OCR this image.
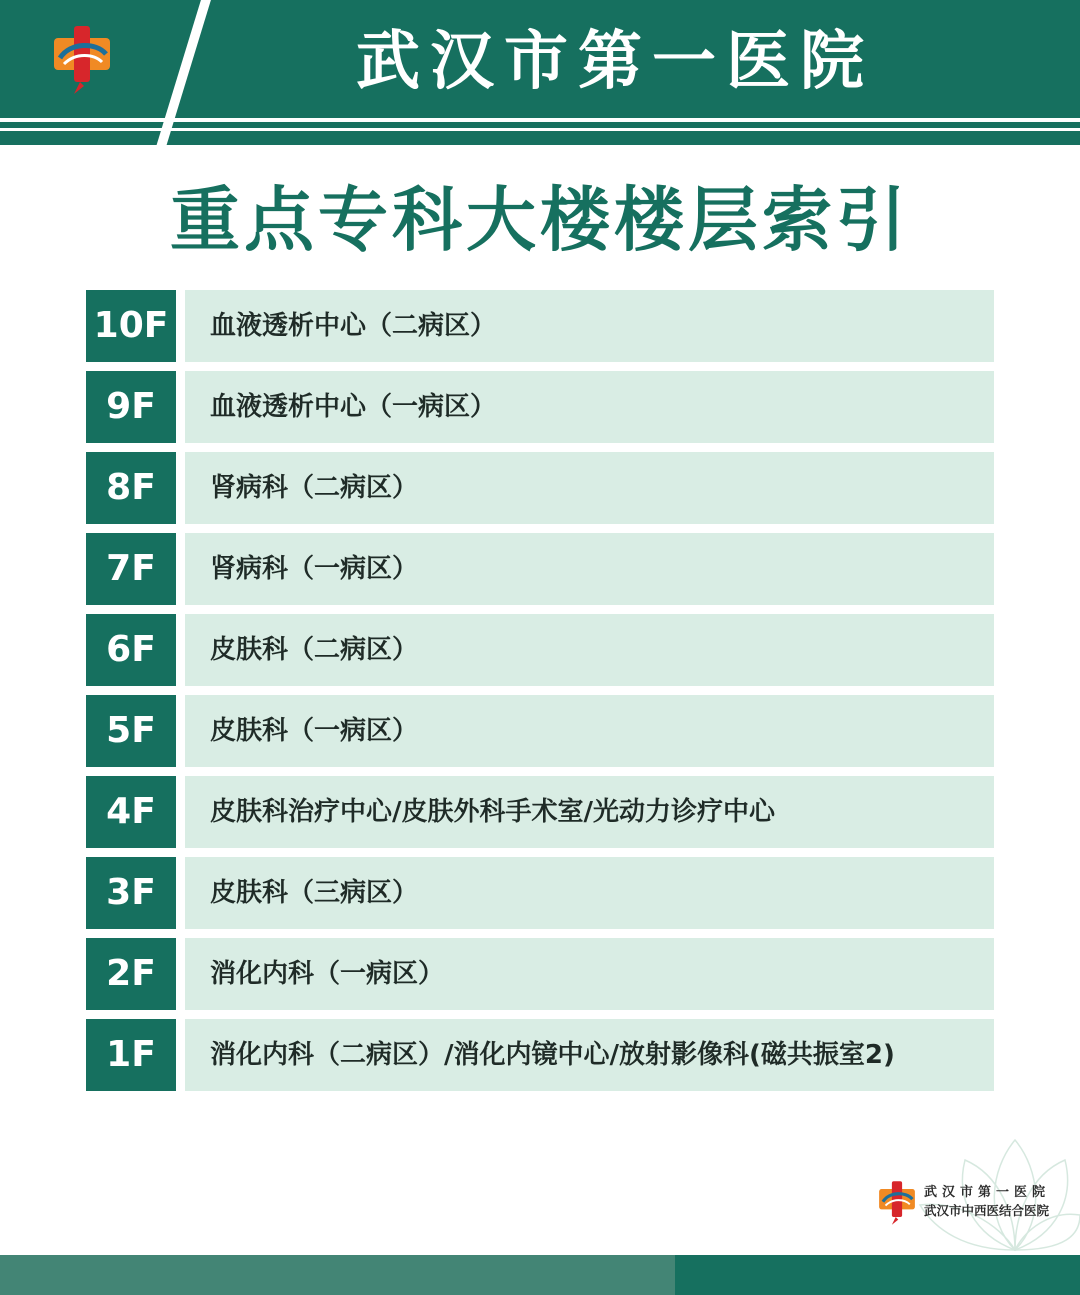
武汉市第一医院
重点专科大楼楼层索引
10F	血液透析中心（二病区）
9F	血液透析中心（一病区）
8F	肾病科（二病区）
7F	肾病科（一病区）
6F	皮肤科（二病区）
5F	皮肤科（一病区）
4F	皮肤科治疗中心/皮肤外科手术室/光动力诊疗中心
3F	皮肤科（三病区）
2F	消化内科（一病区）
1F	消化内科（二病区）/消化内镜中心/放射影像科(磁共振室2)
武汉市第一医院
武汉市中西医结合医院
